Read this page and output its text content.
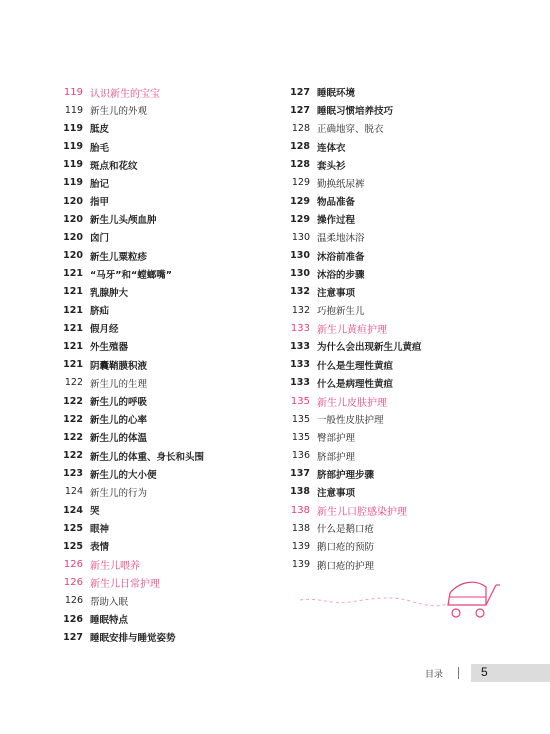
119 认识新生的宝宝
119 新生儿的外观
119 胝皮
119 胎毛
119 斑点和花纹
119 胎记
120 指甲
120 新生儿头颅血肿
120 囟门
120 新生儿粟粒疹
121 “马牙”和“螳螂嘴”
121 乳腺肿大
121 脐疝
121 假月经
121 外生殖器
121 阴囊鞘膜积液
122 新生儿的生理
122 新生儿的呼吸
122 新生儿的心率
122 新生儿的体温
122 新生儿的体重、身长和头围
123 新生儿的大小便
124 新生儿的行为
124 哭
125 眼神
125 表情
126 新生儿喂养
126 新生儿日常护理
126 帮助入眠
126 睡眠特点
127 睡眠安排与睡觉姿势
127 睡眠环境
127 睡眠习惯培养技巧
128 正确地穿、脱衣
128 连体衣
128 套头衫
129 勤换纸尿裤
129 物品准备
129 操作过程
130 温柔地沐浴
130 沐浴前准备
130 沐浴的步骤
132 注意事项
132 巧抱新生儿
133 新生儿黄疸护理
133 为什么会出现新生儿黄疸
133 什么是生理性黄疸
133 什么是病理性黄疸
135 新生儿皮肤护理
135 一般性皮肤护理
135 臀部护理
136 脐部护理
137 脐部护理步骤
138 注意事项
138 新生儿口腔感染护理
138 什么是鹅口疮
139 鹅口疮的预防
139 鹅口疮的护理
目录	5
